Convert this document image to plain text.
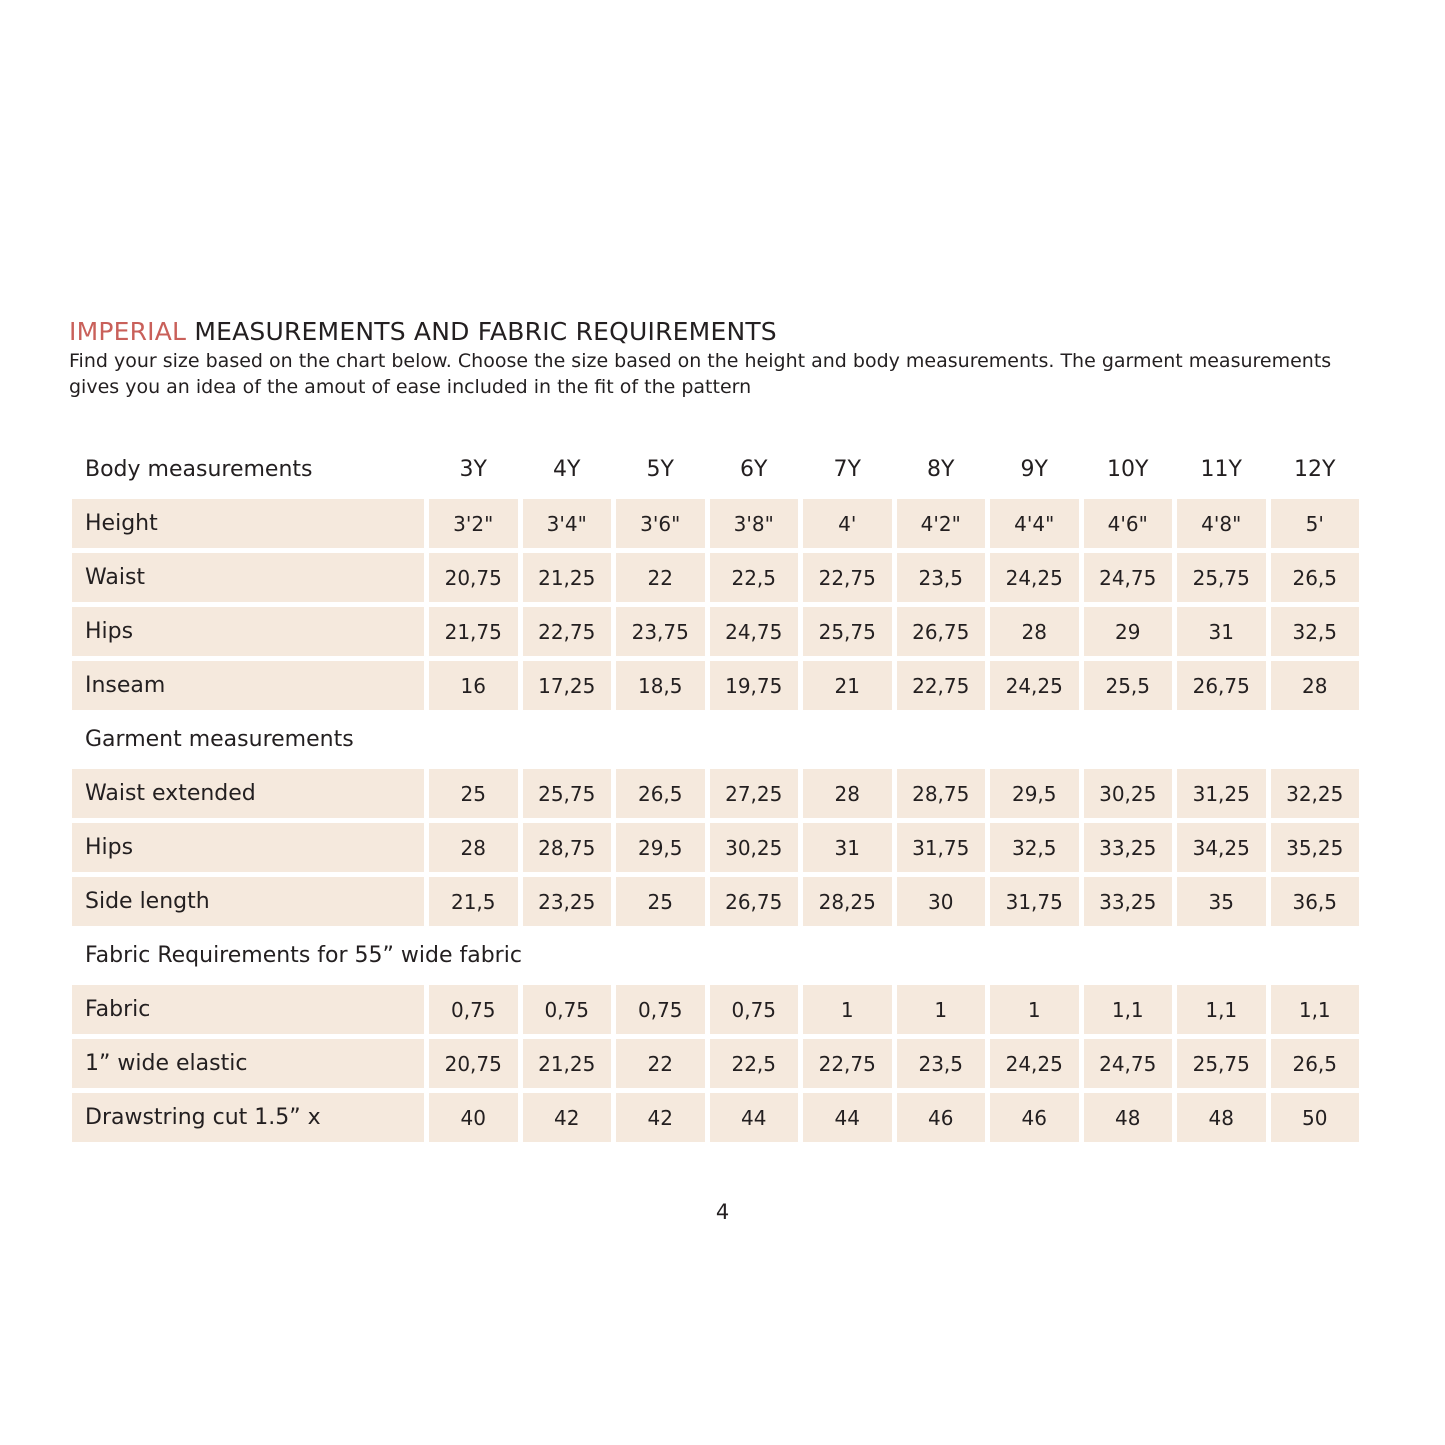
IMPERIAL MEASUREMENTS AND FABRIC REQUIREMENTS

Find your size based on the chart below. Choose the size based on the height and body measurements. The garment measurements gives you an idea of the amout of ease included in the fit of the pattern

Body measurements	3Y	4Y	5Y	6Y	7Y	8Y	9Y	10Y	11Y	12Y
Height	3'2"	3'4"	3'6"	3'8"	4'	4'2"	4'4"	4'6"	4'8"	5'
Waist	20,75	21,25	22	22,5	22,75	23,5	24,25	24,75	25,75	26,5
Hips	21,75	22,75	23,75	24,75	25,75	26,75	28	29	31	32,5
Inseam	16	17,25	18,5	19,75	21	22,75	24,25	25,5	26,75	28
Garment measurements										
Waist extended	25	25,75	26,5	27,25	28	28,75	29,5	30,25	31,25	32,25
Hips	28	28,75	29,5	30,25	31	31,75	32,5	33,25	34,25	35,25
Side length	21,5	23,25	25	26,75	28,25	30	31,75	33,25	35	36,5
Fabric Requirements for 55” wide fabric										
Fabric	0,75	0,75	0,75	0,75	1	1	1	1,1	1,1	1,1
1” wide elastic	20,75	21,25	22	22,5	22,75	23,5	24,25	24,75	25,75	26,5
Drawstring cut 1.5” x	40	42	42	44	44	46	46	48	48	50

4
